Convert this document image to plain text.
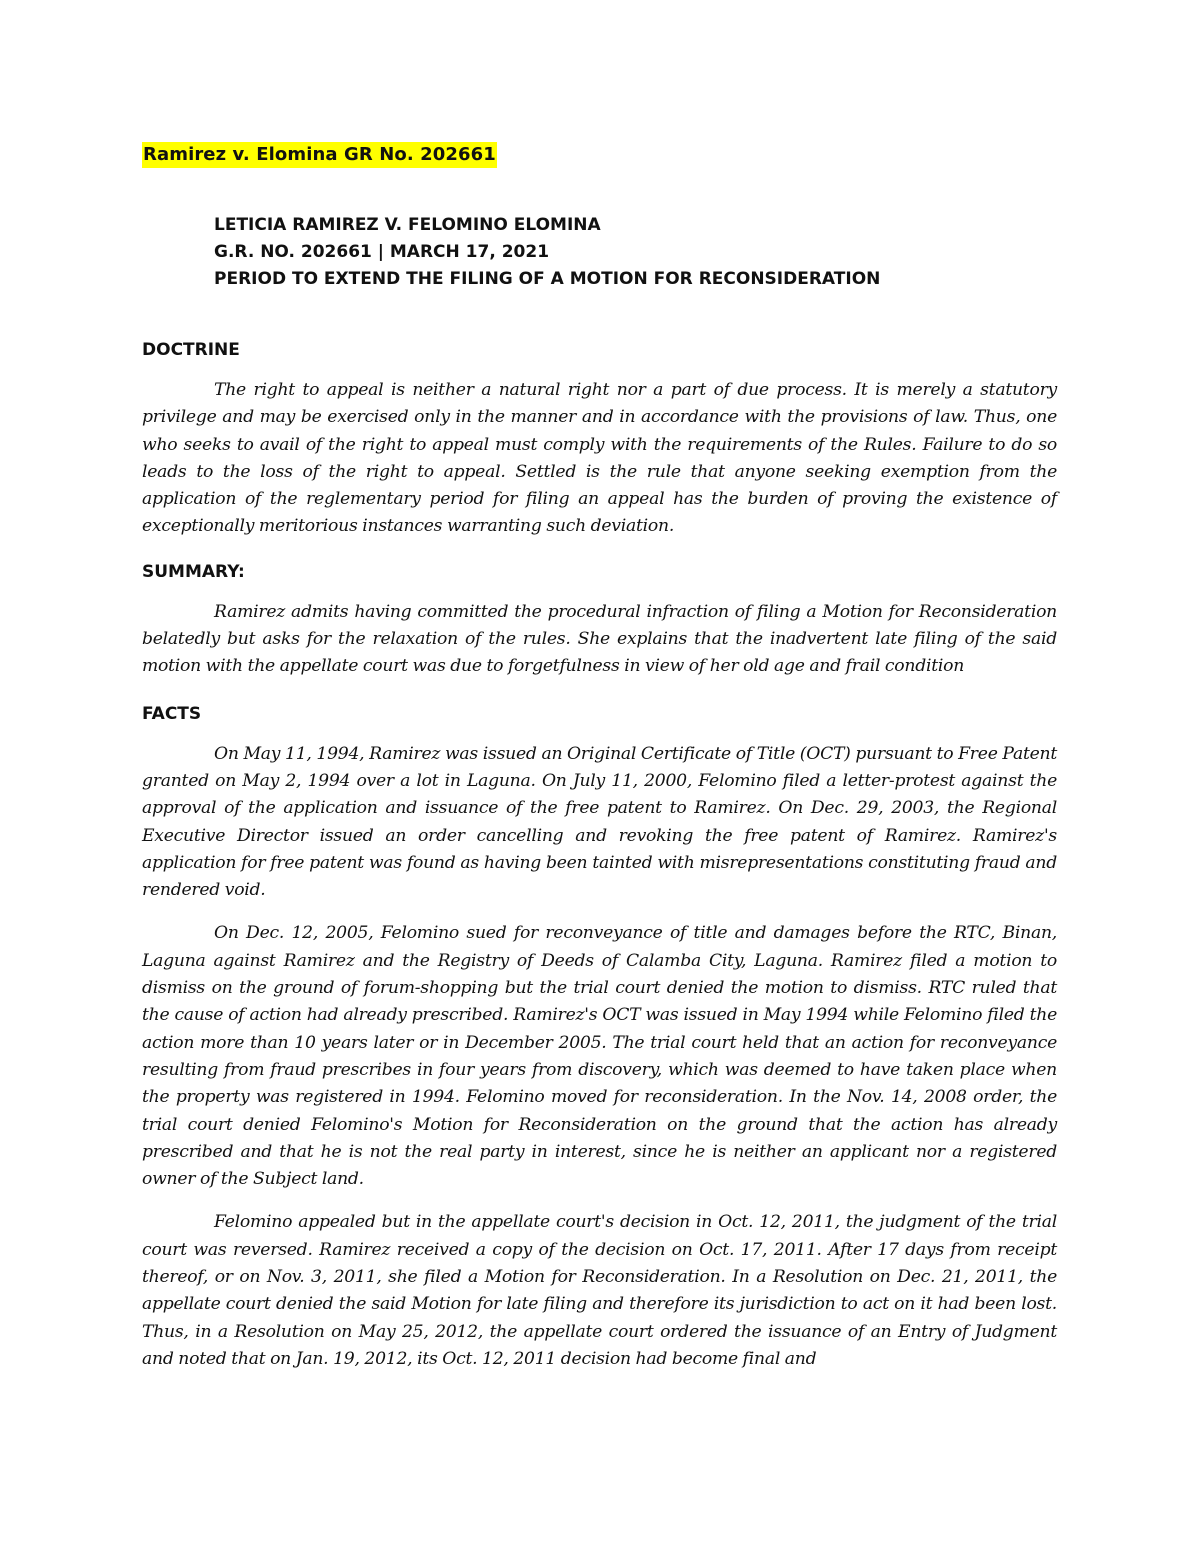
Ramirez v. Elomina GR No. 202661
LETICIA RAMIREZ V. FELOMINO ELOMINA
G.R. NO. 202661 | MARCH 17, 2021
PERIOD TO EXTEND THE FILING OF A MOTION FOR RECONSIDERATION
DOCTRINE

The right to appeal is neither a natural right nor a part of due process. It is merely a statutory privilege and may be exercised only in the manner and in accordance with the provisions of law. Thus, one who seeks to avail of the right to appeal must comply with the requirements of the Rules. Failure to do so leads to the loss of the right to appeal. Settled is the rule that anyone seeking exemption from the application of the reglementary period for filing an appeal has the burden of proving the existence of exceptionally meritorious instances warranting such deviation.

SUMMARY:

Ramirez admits having committed the procedural infraction of filing a Motion for Reconsideration belatedly but asks for the relaxation of the rules. She explains that the inadvertent late filing of the said motion with the appellate court was due to forgetfulness in view of her old age and frail condition

FACTS

On May 11, 1994, Ramirez was issued an Original Certificate of Title (OCT) pursuant to Free Patent granted on May 2, 1994 over a lot in Laguna. On July 11, 2000, Felomino filed a letter-protest against the approval of the application and issuance of the free patent to Ramirez. On Dec. 29, 2003, the Regional Executive Director issued an order cancelling and revoking the free patent of Ramirez. Ramirez's application for free patent was found as having been tainted with misrepresentations constituting fraud and rendered void.

On Dec. 12, 2005, Felomino sued for reconveyance of title and damages before the RTC, Binan, Laguna against Ramirez and the Registry of Deeds of Calamba City, Laguna. Ramirez filed a motion to dismiss on the ground of forum-shopping but the trial court denied the motion to dismiss. RTC ruled that the cause of action had already prescribed. Ramirez's OCT was issued in May 1994 while Felomino filed the action more than 10 years later or in December 2005. The trial court held that an action for reconveyance resulting from fraud prescribes in four years from discovery, which was deemed to have taken place when the property was registered in 1994. Felomino moved for reconsideration. In the Nov. 14, 2008 order, the trial court denied Felomino's Motion for Reconsideration on the ground that the action has already prescribed and that he is not the real party in interest, since he is neither an applicant nor a registered owner of the Subject land.

Felomino appealed but in the appellate court's decision in Oct. 12, 2011, the judgment of the trial court was reversed. Ramirez received a copy of the decision on Oct. 17, 2011. After 17 days from receipt thereof, or on Nov. 3, 2011, she filed a Motion for Reconsideration. In a Resolution on Dec. 21, 2011, the appellate court denied the said Motion for late filing and therefore its jurisdiction to act on it had been lost. Thus, in a Resolution on May 25, 2012, the appellate court ordered the issuance of an Entry of Judgment and noted that on Jan. 19, 2012, its Oct. 12, 2011 decision had become final and
